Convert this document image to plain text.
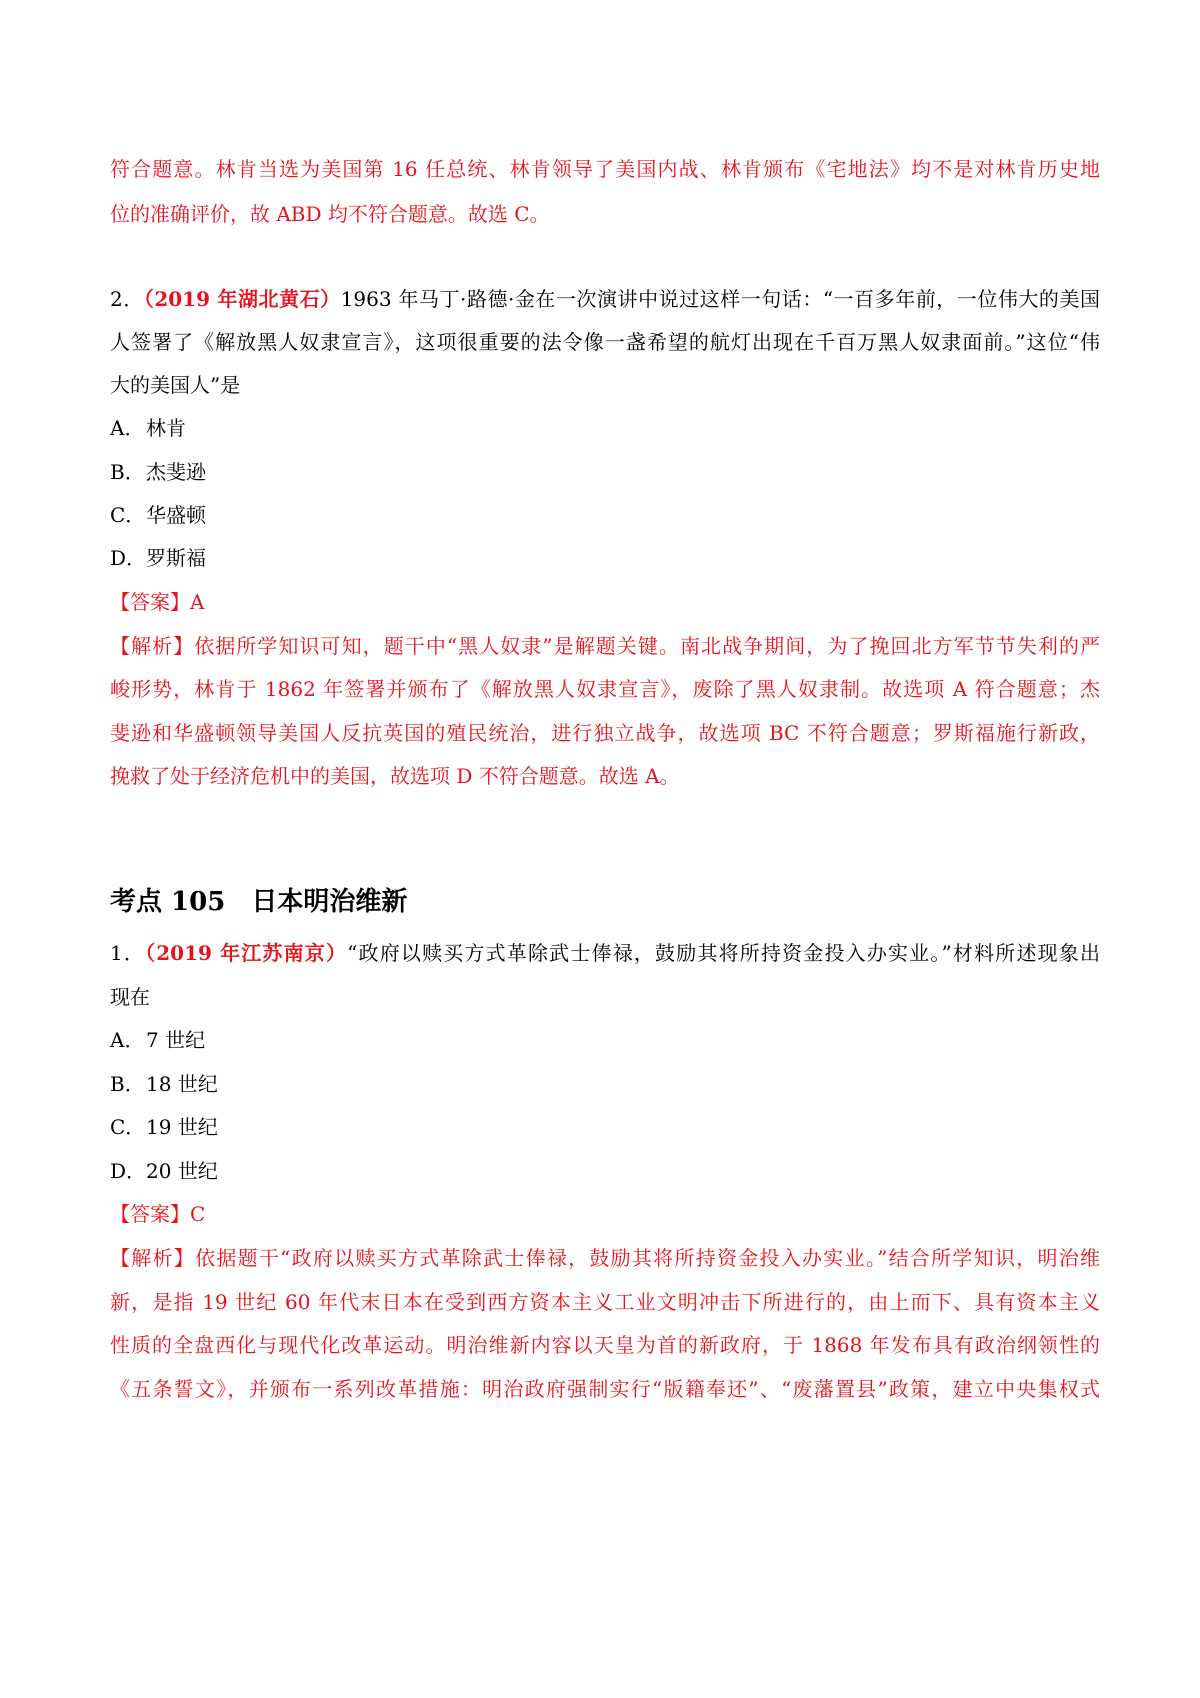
符合题意。林肯当选为美国第 16 任总统、林肯领导了美国内战、林肯颁布《宅地法》均不是对林肯历史地
位的准确评价，故 ABD 均不符合题意。故选 C。
2．（2019 年湖北黄石）1963 年马丁·路德·金在一次演讲中说过这样一句话：“一百多年前，一位伟大的美国
人签署了《解放黑人奴隶宣言》，这项很重要的法令像一盏希望的航灯出现在千百万黑人奴隶面前。”这位“伟
大的美国人”是
A．林肯
B．杰斐逊
C．华盛顿
D．罗斯福
【答案】A
【解析】依据所学知识可知，题干中“黑人奴隶”是解题关键。南北战争期间，为了挽回北方军节节失利的严
峻形势，林肯于 1862 年签署并颁布了《解放黑人奴隶宣言》，废除了黑人奴隶制。故选项 A 符合题意；杰
斐逊和华盛顿领导美国人反抗英国的殖民统治，进行独立战争，故选项 BC 不符合题意；罗斯福施行新政，
挽救了处于经济危机中的美国，故选项 D 不符合题意。故选 A。
考点 105 日本明治维新
1．（2019 年江苏南京）“政府以赎买方式革除武士俸禄，鼓励其将所持资金投入办实业。”材料所述现象出
现在
A．7 世纪
B．18 世纪
C．19 世纪
D．20 世纪
【答案】C
【解析】依据题干“政府以赎买方式革除武士俸禄，鼓励其将所持资金投入办实业。”结合所学知识，明治维
新，是指 19 世纪 60 年代末日本在受到西方资本主义工业文明冲击下所进行的，由上而下、具有资本主义
性质的全盘西化与现代化改革运动。明治维新内容以天皇为首的新政府，于 1868 年发布具有政治纲领性的
《五条誓文》，并颁布一系列改革措施：明治政府强制实行“版籍奉还”、“废藩置县”政策，建立中央集权式
